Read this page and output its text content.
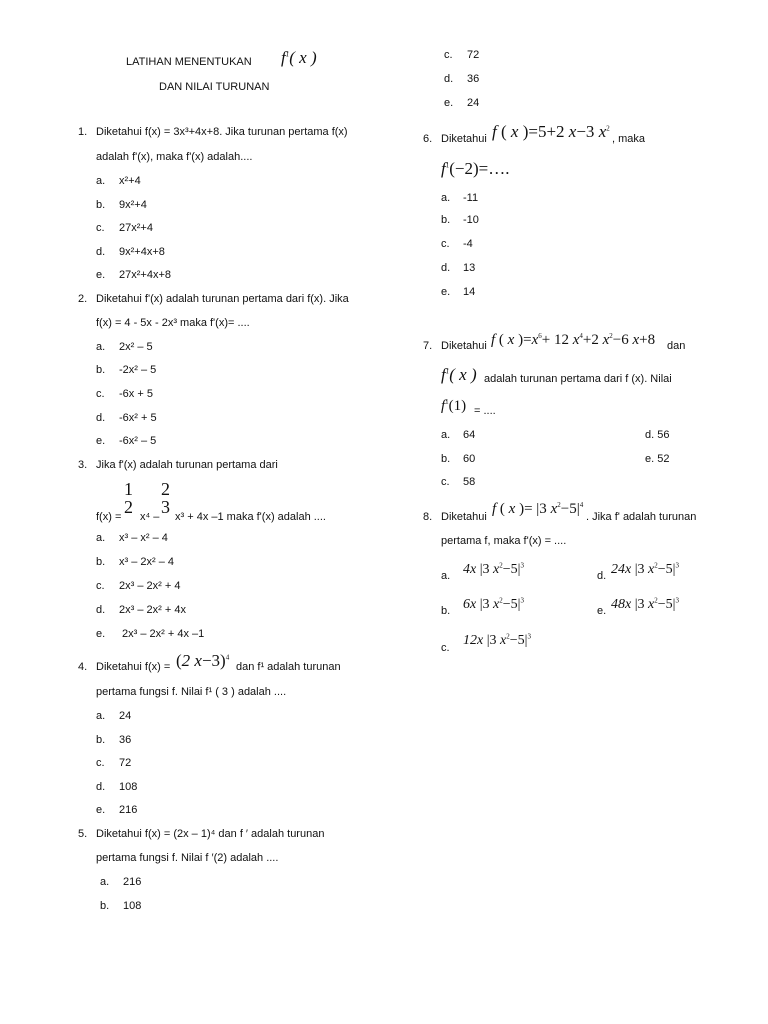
LATIHAN MENENTUKAN $f^1$( x )
DAN NILAI TURUNAN
1. Diketahui f(x) = 3x³+4x+8. Jika turunan pertama f(x)
adalah f'(x), maka f'(x) adalah....
a. x²+4
b. 9x²+4
c. 27x²+4
d. 9x²+4x+8
e. 27x²+4x+8
2. Diketahui f'(x) adalah turunan pertama dari f(x). Jika
f(x) = 4 - 5x - 2x³ maka f'(x)= ....
a. 2x² – 5
b. -2x² – 5
c. -6x + 5
d. -6x² + 5
e. -6x² – 5
3. Jika f'(x) adalah turunan pertama dari
f(x) =
1
2 x⁴ –
2
3 x³ + 4x –1 maka f'(x) adalah ....
a. x³ – x² – 4
b. x³ – 2x² – 4
c. 2x³ – 2x² + 4
d. 2x³ – 2x² + 4x
e. 2x³ – 2x² + 4x –1
4. Diketahui f(x) = (2 x−3)$^4$
dan f¹ adalah turunan
pertama fungsi f. Nilai f¹ ( 3 ) adalah ....
a. 24
b. 36
c. 72
d. 108
e. 216
5. Diketahui f(x) = (2x – 1)⁴ dan f ′ adalah turunan
pertama fungsi f. Nilai f ′(2) adalah ....
a. 216
b. 108
c. 72
d. 36
e. 24
6. Diketahui f ( x )=5+2 x−3 $x^2$
, maka
$f^1(-2)=\dots$.
a. -11
b. -10
c. -4
d. 13
e. 14
7. Diketahui f ( x )$=x^6+ 12$ $x^4+2$ $x^2-6$ x+8 dan
$f^1$( x ) adalah turunan pertama dari f (x). Nilai
$f^1(1)$ = ....
a. 64	d. 56
b. 60	e. 52
c. 58
8. Diketahui f ( x )= |3 $x^2-5|^4$
. Jika f' adalah turunan
pertama f, maka f'(x) = ....
a. 4x |3 $x^2-5|^3$
d. 24x |3 $x^2-5|^3$
b. 6x |3 $x^2-5|^3$
e. 48x |3 $x^2-5|^3$
c. 12x |3 $x^2-5|^3$
